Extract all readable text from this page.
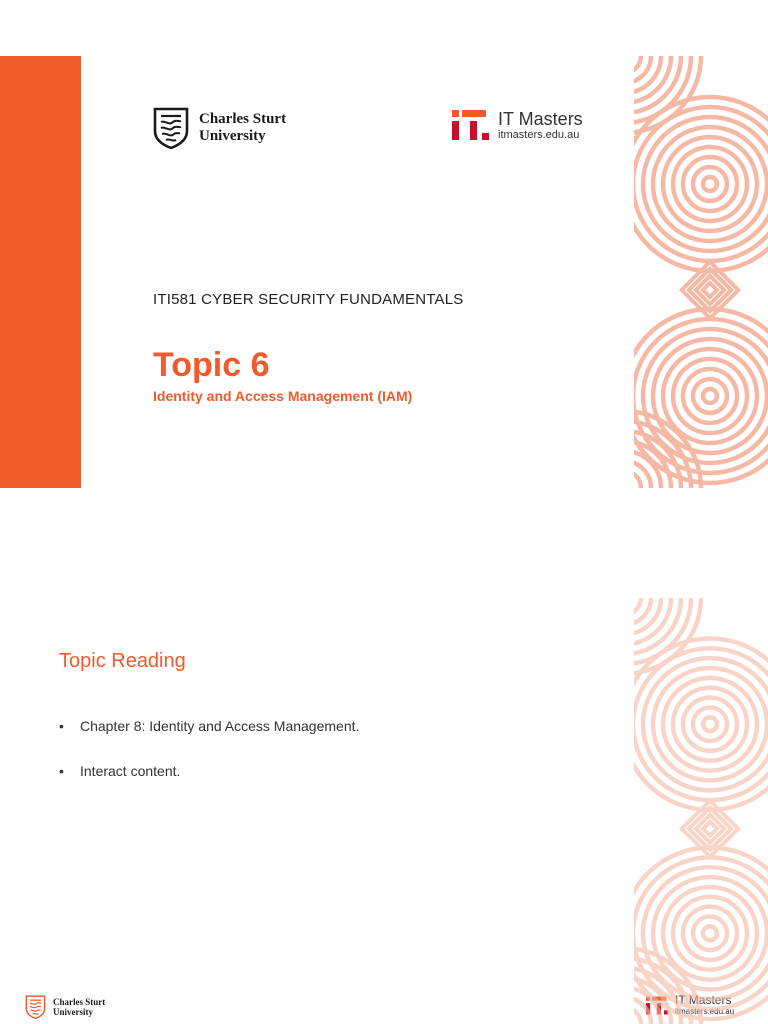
Charles Sturt
University
IT Masters
itmasters.edu.au
ITI581 CYBER SECURITY FUNDAMENTALS
Topic 6
Identity and Access Management (IAM)
Topic Reading
• Chapter 8: Identity and Access Management.
• Interact content.
Charles Sturt
University
IT Masters
itmasters.edu.au
